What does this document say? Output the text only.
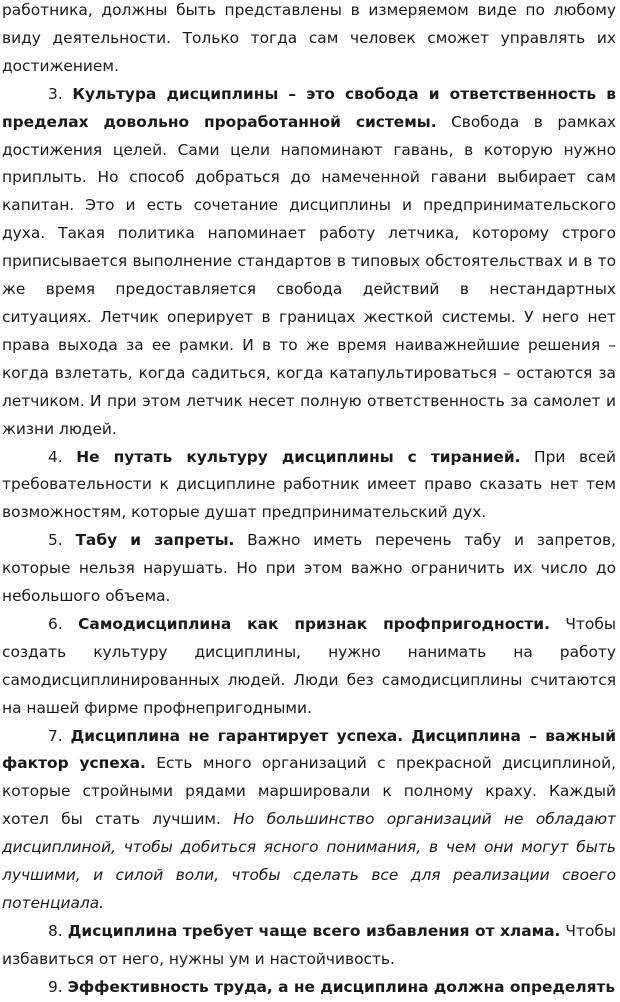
работника, должны быть представлены в измеряемом виде по любому виду деятельности. Только тогда сам человек сможет управлять их достижением.

3. Культура дисциплины – это свобода и ответственность в пределах довольно проработанной системы. Свобода в рамках достижения целей. Сами цели напоминают гавань, в которую нужно приплыть. Но способ добраться до намеченной гавани выбирает сам капитан. Это и есть сочетание дисциплины и предпринимательского духа. Такая политика напоминает работу летчика, которому строго приписывается выполнение стандартов в типовых обстоятельствах и в то же время предоставляется свобода действий в нестандартных ситуациях. Летчик оперирует в границах жесткой системы. У него нет права выхода за ее рамки. И в то же время наиважнейшие решения – когда взлетать, когда садиться, когда катапультироваться – остаются за летчиком. И при этом летчик несет полную ответственность за самолет и жизни людей.

4. Не путать культуру дисциплины с тиранией. При всей требовательности к дисциплине работник имеет право сказать нет тем возможностям, которые душат предпринимательский дух.

5. Табу и запреты. Важно иметь перечень табу и запретов, которые нельзя нарушать. Но при этом важно ограничить их число до небольшого объема.

6. Самодисциплина как признак профпригодности. Чтобы создать культуру дисциплины, нужно нанимать на работу самодисциплинированных людей. Люди без самодисциплины считаются на нашей фирме профнепригодными.

7. Дисциплина не гарантирует успеха. Дисциплина – важный фактор успеха. Есть много организаций с прекрасной дисциплиной, которые стройными рядами маршировали к полному краху. Каждый хотел бы стать лучшим. Но большинство организаций не обладают дисциплиной, чтобы добиться ясного понимания, в чем они могут быть лучшими, и силой воли, чтобы сделать все для реализации своего потенциала.

8. Дисциплина требует чаще всего избавления от хлама. Чтобы избавиться от него, нужны ум и настойчивость.

9. Эффективность труда, а не дисциплина должна определять
